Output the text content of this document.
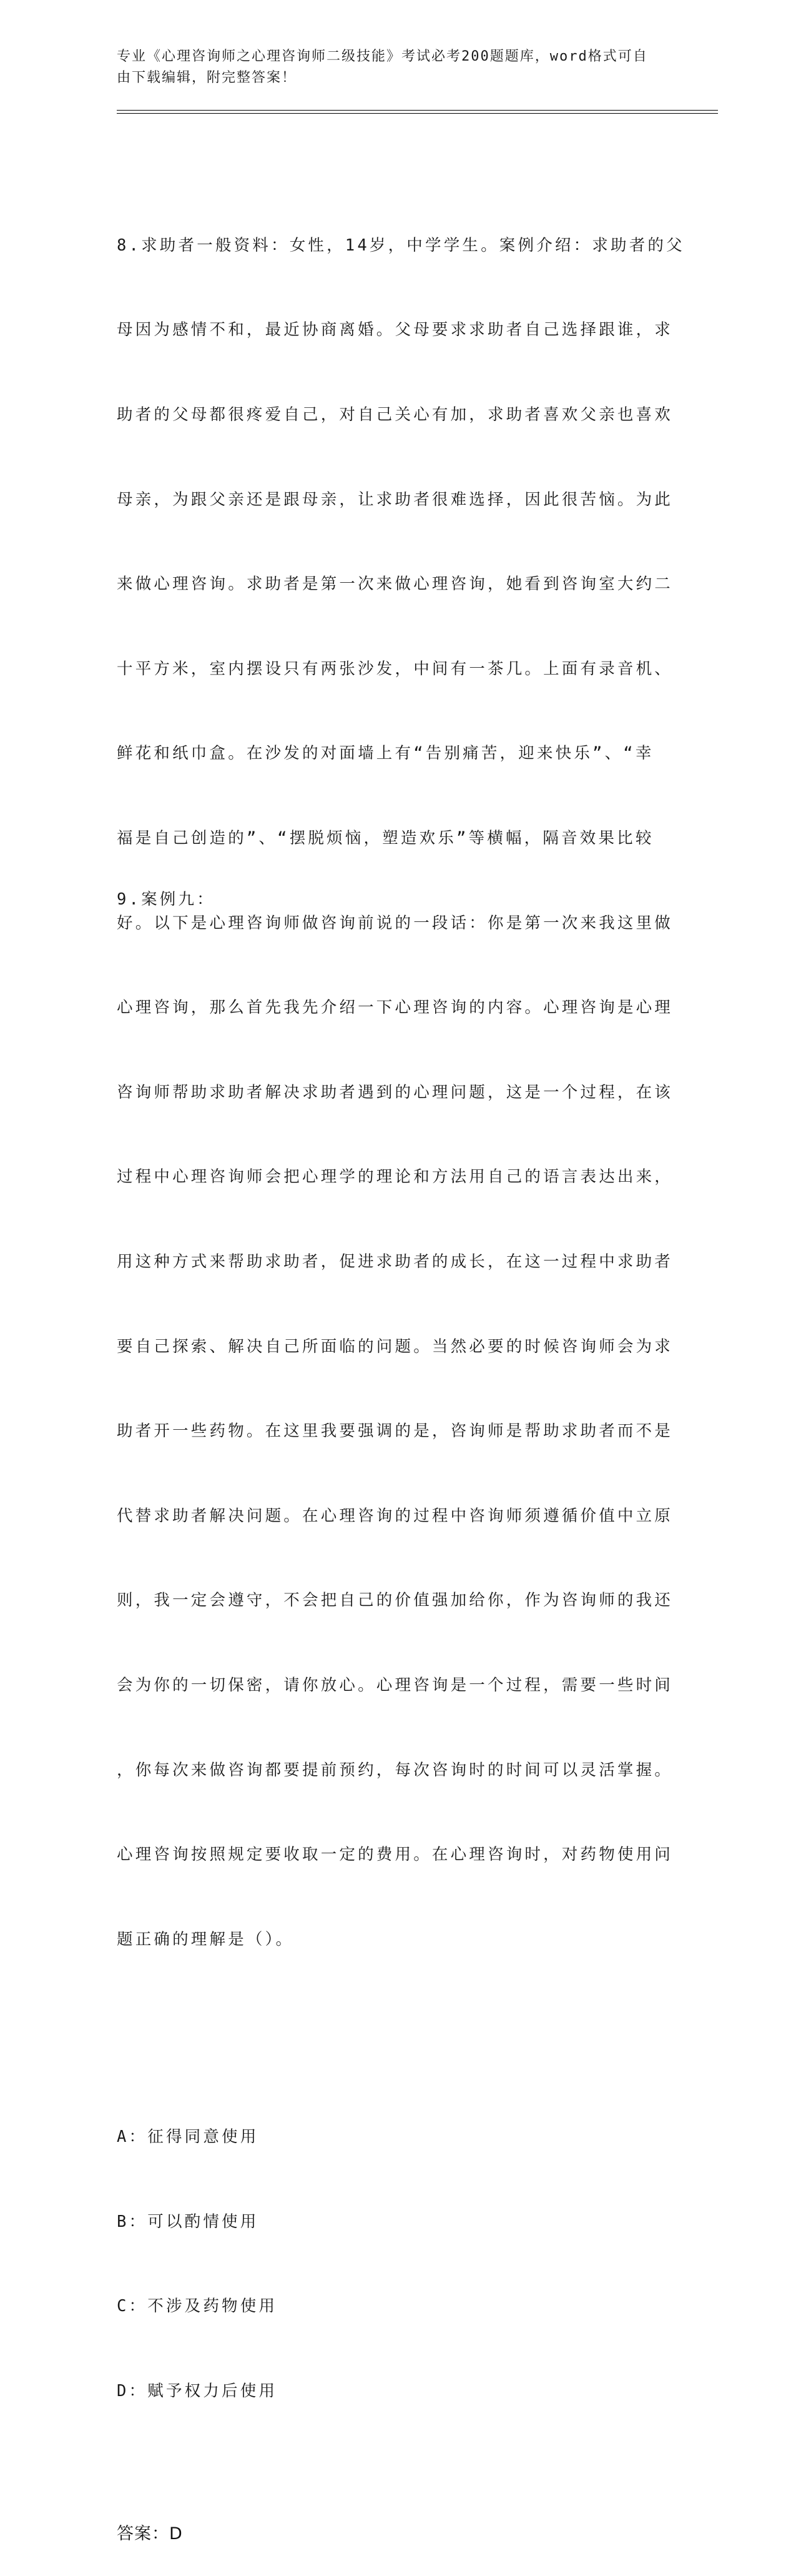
专业《心理咨询师之心理咨询师二级技能》考试必考200题题库，word格式可自
由下载编辑，附完整答案！

8.求助者一般资料：女性，14岁，中学学生。案例介绍：求助者的父

母因为感情不和，最近协商离婚。父母要求求助者自己选择跟谁，求

助者的父母都很疼爱自己，对自己关心有加，求助者喜欢父亲也喜欢

母亲，为跟父亲还是跟母亲，让求助者很难选择，因此很苦恼。为此

来做心理咨询。求助者是第一次来做心理咨询，她看到咨询室大约二

十平方米，室内摆设只有两张沙发，中间有一茶几。上面有录音机、

鲜花和纸巾盒。在沙发的对面墙上有“告别痛苦，迎来快乐”、“幸

福是自己创造的”、“摆脱烦恼，塑造欢乐”等横幅，隔音效果比较

好。以下是心理咨询师做咨询前说的一段话：你是第一次来我这里做

心理咨询，那么首先我先介绍一下心理咨询的内容。心理咨询是心理

咨询师帮助求助者解决求助者遇到的心理问题，这是一个过程，在该

过程中心理咨询师会把心理学的理论和方法用自己的语言表达出来，

用这种方式来帮助求助者，促进求助者的成长，在这一过程中求助者

要自己探索、解决自己所面临的问题。当然必要的时候咨询师会为求

助者开一些药物。在这里我要强调的是，咨询师是帮助求助者而不是

代替求助者解决问题。在心理咨询的过程中咨询师须遵循价值中立原

则，我一定会遵守，不会把自己的价值强加给你，作为咨询师的我还

会为你的一切保密，请你放心。心理咨询是一个过程，需要一些时间

，你每次来做咨询都要提前预约，每次咨询时的时间可以灵活掌握。

心理咨询按照规定要收取一定的费用。在心理咨询时，对药物使用问

题正确的理解是（）。

A：征得同意使用

B：可以酌情使用

C：不涉及药物使用

D：赋予权力后使用

答案：D

9.案例九：
